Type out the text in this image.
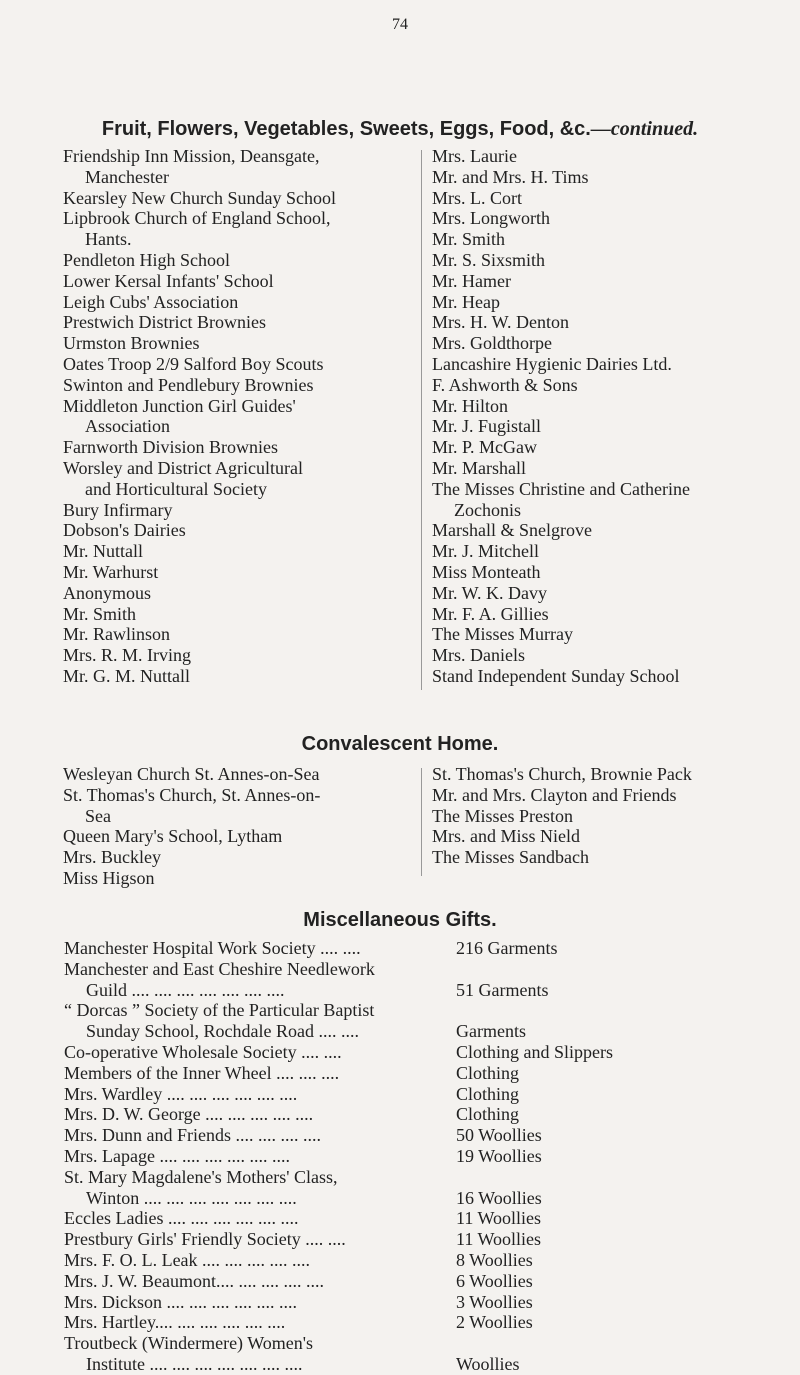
74
Fruit, Flowers, Vegetables, Sweets, Eggs, Food, &c.—continued.
Friendship Inn Mission, Deansgate,
Manchester
Kearsley New Church Sunday School
Lipbrook Church of England School,
Hants.
Pendleton High School
Lower Kersal Infants' School
Leigh Cubs' Association
Prestwich District Brownies
Urmston Brownies
Oates Troop 2/9 Salford Boy Scouts
Swinton and Pendlebury Brownies
Middleton Junction Girl Guides'
Association
Farnworth Division Brownies
Worsley and District Agricultural
and Horticultural Society
Bury Infirmary
Dobson's Dairies
Mr. Nuttall
Mr. Warhurst
Anonymous
Mr. Smith
Mr. Rawlinson
Mrs. R. M. Irving
Mr. G. M. Nuttall
Mrs. Laurie
Mr. and Mrs. H. Tims
Mrs. L. Cort
Mrs. Longworth
Mr. Smith
Mr. S. Sixsmith
Mr. Hamer
Mr. Heap
Mrs. H. W. Denton
Mrs. Goldthorpe
Lancashire Hygienic Dairies Ltd.
F. Ashworth & Sons
Mr. Hilton
Mr. J. Fugistall
Mr. P. McGaw
Mr. Marshall
The Misses Christine and Catherine
Zochonis
Marshall & Snelgrove
Mr. J. Mitchell
Miss Monteath
Mr. W. K. Davy
Mr. F. A. Gillies
The Misses Murray
Mrs. Daniels
Stand Independent Sunday School
Convalescent Home.
Wesleyan Church St. Annes-on-Sea
St. Thomas's Church, St. Annes-on-
Sea
Queen Mary's School, Lytham
Mrs. Buckley
Miss Higson
St. Thomas's Church, Brownie Pack
Mr. and Mrs. Clayton and Friends
The Misses Preston
Mrs. and Miss Nield
The Misses Sandbach
Miscellaneous Gifts.
Manchester Hospital Work Society .... ....	216 Garments
Manchester and East Cheshire Needlework
Guild .... .... .... .... .... .... ....	51 Garments
“ Dorcas ” Society of the Particular Baptist
Sunday School, Rochdale Road .... ....	Garments
Co-operative Wholesale Society .... ....	Clothing and Slippers
Members of the Inner Wheel .... .... ....	Clothing
Mrs. Wardley .... .... .... .... .... ....	Clothing
Mrs. D. W. George .... .... .... .... ....	Clothing
Mrs. Dunn and Friends .... .... .... ....	50 Woollies
Mrs. Lapage .... .... .... .... .... ....	19 Woollies
St. Mary Magdalene's Mothers' Class,
Winton .... .... .... .... .... .... ....	16 Woollies
Eccles Ladies .... .... .... .... .... ....	11 Woollies
Prestbury Girls' Friendly Society .... ....	11 Woollies
Mrs. F. O. L. Leak .... .... .... .... ....	8 Woollies
Mrs. J. W. Beaumont.... .... .... .... ....	6 Woollies
Mrs. Dickson .... .... .... .... .... ....	3 Woollies
Mrs. Hartley.... .... .... .... .... ....	2 Woollies
Troutbeck (Windermere) Women's
Institute .... .... .... .... .... .... ....	Woollies
